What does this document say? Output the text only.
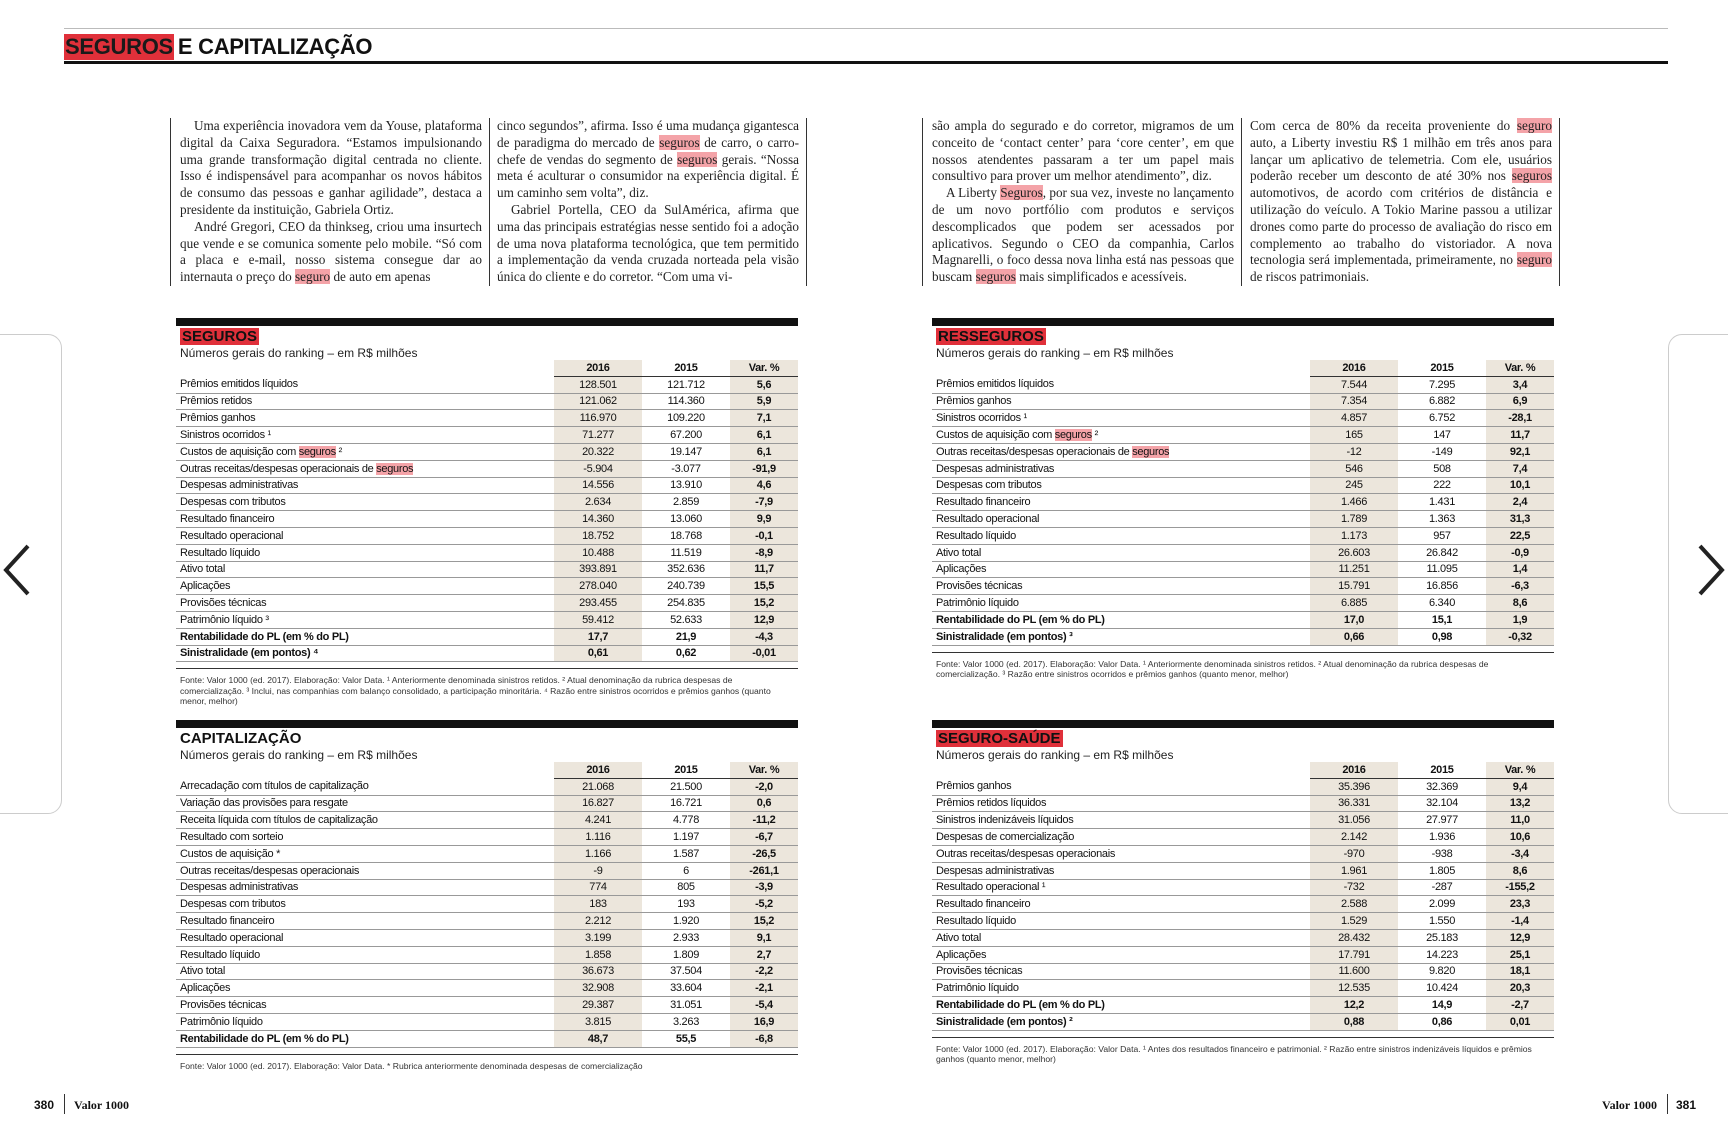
SEGUROS E CAPITALIZAÇÃO

Uma experiência inovadora vem da Youse, plataforma digital da Caixa Seguradora. “Estamos impulsionando uma grande transformação digital centrada no cliente. Isso é indispensável para acompanhar os novos hábitos de consumo das pessoas e ganhar agilidade”, destaca a presidente da instituição, Gabriela Ortiz.

André Gregori, CEO da thinkseg, criou uma insurtech que vende e se comunica somente pelo mobile. “Só com a placa e e-mail, nosso sistema consegue dar ao internauta o preço do seguro de auto em apenas

cinco segundos”, afirma. Isso é uma mudança gigantesca de paradigma do mercado de seguros de carro, o carro-chefe de vendas do segmento de seguros gerais. “Nossa meta é aculturar o consumidor na experiência digital. É um caminho sem volta”, diz.

Gabriel Portella, CEO da SulAmérica, afirma que uma das principais estratégias nesse sentido foi a adoção de uma nova plataforma tecnológica, que tem permitido a implementação da venda cruzada norteada pela visão única do cliente e do corretor. “Com uma vi-

são ampla do segurado e do corretor, migramos de um conceito de ‘contact center’ para ‘core center’, em que nossos atendentes passaram a ter um papel mais consultivo para prover um melhor atendimento”, diz.

A Liberty Seguros, por sua vez, investe no lançamento de um novo portfólio com produtos e serviços descomplicados que podem ser acessados por aplicativos. Segundo o CEO da companhia, Carlos Magnarelli, o foco dessa nova linha está nas pessoas que buscam seguros mais simplificados e acessíveis.

Com cerca de 80% da receita proveniente do seguro auto, a Liberty investiu R$ 1 milhão em três anos para lançar um aplicativo de telemetria. Com ele, usuários poderão receber um desconto de até 30% nos seguros automotivos, de acordo com critérios de distância e utilização do veículo. A Tokio Marine passou a utilizar drones como parte do processo de avaliação do risco em complemento ao trabalho do vistoriador. A nova tecnologia será implementada, primeiramente, no seguro de riscos patrimoniais.

SEGUROS
Números gerais do ranking – em R$ milhões
	2016	2015	Var. %
Prêmios emitidos líquidos	128.501	121.712	5,6
Prêmios retidos	121.062	114.360	5,9
Prêmios ganhos	116.970	109.220	7,1
Sinistros ocorridos ¹	71.277	67.200	6,1
Custos de aquisição com seguros ²	20.322	19.147	6,1
Outras receitas/despesas operacionais de seguros	-5.904	-3.077	-91,9
Despesas administrativas	14.556	13.910	4,6
Despesas com tributos	2.634	2.859	-7,9
Resultado financeiro	14.360	13.060	9,9
Resultado operacional	18.752	18.768	-0,1
Resultado líquido	10.488	11.519	-8,9
Ativo total	393.891	352.636	11,7
Aplicações	278.040	240.739	15,5
Provisões técnicas	293.455	254.835	15,2
Patrimônio líquido ³	59.412	52.633	12,9
Rentabilidade do PL (em % do PL)	17,7	21,9	-4,3
Sinistralidade (em pontos) ⁴	0,61	0,62	-0,01
Fonte: Valor 1000 (ed. 2017). Elaboração: Valor Data. ¹ Anteriormente denominada sinistros retidos. ² Atual denominação da rubrica despesas de comercialização. ³ Inclui, nas companhias com balanço consolidado, a participação minoritária. ⁴ Razão entre sinistros ocorridos e prêmios ganhos (quanto menor, melhor)
CAPITALIZAÇÃO
Números gerais do ranking – em R$ milhões
	2016	2015	Var. %
Arrecadação com títulos de capitalização	21.068	21.500	-2,0
Variação das provisões para resgate	16.827	16.721	0,6
Receita líquida com títulos de capitalização	4.241	4.778	-11,2
Resultado com sorteio	1.116	1.197	-6,7
Custos de aquisição *	1.166	1.587	-26,5
Outras receitas/despesas operacionais	-9	6	-261,1
Despesas administrativas	774	805	-3,9
Despesas com tributos	183	193	-5,2
Resultado financeiro	2.212	1.920	15,2
Resultado operacional	3.199	2.933	9,1
Resultado líquido	1.858	1.809	2,7
Ativo total	36.673	37.504	-2,2
Aplicações	32.908	33.604	-2,1
Provisões técnicas	29.387	31.051	-5,4
Patrimônio líquido	3.815	3.263	16,9
Rentabilidade do PL (em % do PL)	48,7	55,5	-6,8
Fonte: Valor 1000 (ed. 2017). Elaboração: Valor Data. * Rubrica anteriormente denominada despesas de comercialização
RESSEGUROS
Números gerais do ranking – em R$ milhões
	2016	2015	Var. %
Prêmios emitidos líquidos	7.544	7.295	3,4
Prêmios ganhos	7.354	6.882	6,9
Sinistros ocorridos ¹	4.857	6.752	-28,1
Custos de aquisição com seguros ²	165	147	11,7
Outras receitas/despesas operacionais de seguros	-12	-149	92,1
Despesas administrativas	546	508	7,4
Despesas com tributos	245	222	10,1
Resultado financeiro	1.466	1.431	2,4
Resultado operacional	1.789	1.363	31,3
Resultado líquido	1.173	957	22,5
Ativo total	26.603	26.842	-0,9
Aplicações	11.251	11.095	1,4
Provisões técnicas	15.791	16.856	-6,3
Patrimônio líquido	6.885	6.340	8,6
Rentabilidade do PL (em % do PL)	17,0	15,1	1,9
Sinistralidade (em pontos) ³	0,66	0,98	-0,32
Fonte: Valor 1000 (ed. 2017). Elaboração: Valor Data. ¹ Anteriormente denominada sinistros retidos. ² Atual denominação da rubrica despesas de comercialização. ³ Razão entre sinistros ocorridos e prêmios ganhos (quanto menor, melhor)
SEGURO-SAÚDE
Números gerais do ranking – em R$ milhões
	2016	2015	Var. %
Prêmios ganhos	35.396	32.369	9,4
Prêmios retidos líquidos	36.331	32.104	13,2
Sinistros indenizáveis líquidos	31.056	27.977	11,0
Despesas de comercialização	2.142	1.936	10,6
Outras receitas/despesas operacionais	-970	-938	-3,4
Despesas administrativas	1.961	1.805	8,6
Resultado operacional ¹	-732	-287	-155,2
Resultado financeiro	2.588	2.099	23,3
Resultado líquido	1.529	1.550	-1,4
Ativo total	28.432	25.183	12,9
Aplicações	17.791	14.223	25,1
Provisões técnicas	11.600	9.820	18,1
Patrimônio líquido	12.535	10.424	20,3
Rentabilidade do PL (em % do PL)	12,2	14,9	-2,7
Sinistralidade (em pontos) ²	0,88	0,86	0,01
Fonte: Valor 1000 (ed. 2017). Elaboração: Valor Data. ¹ Antes dos resultados financeiro e patrimonial. ² Razão entre sinistros indenizáveis líquidos e prêmios ganhos (quanto menor, melhor)
380 Valor 1000	Valor 1000 381
